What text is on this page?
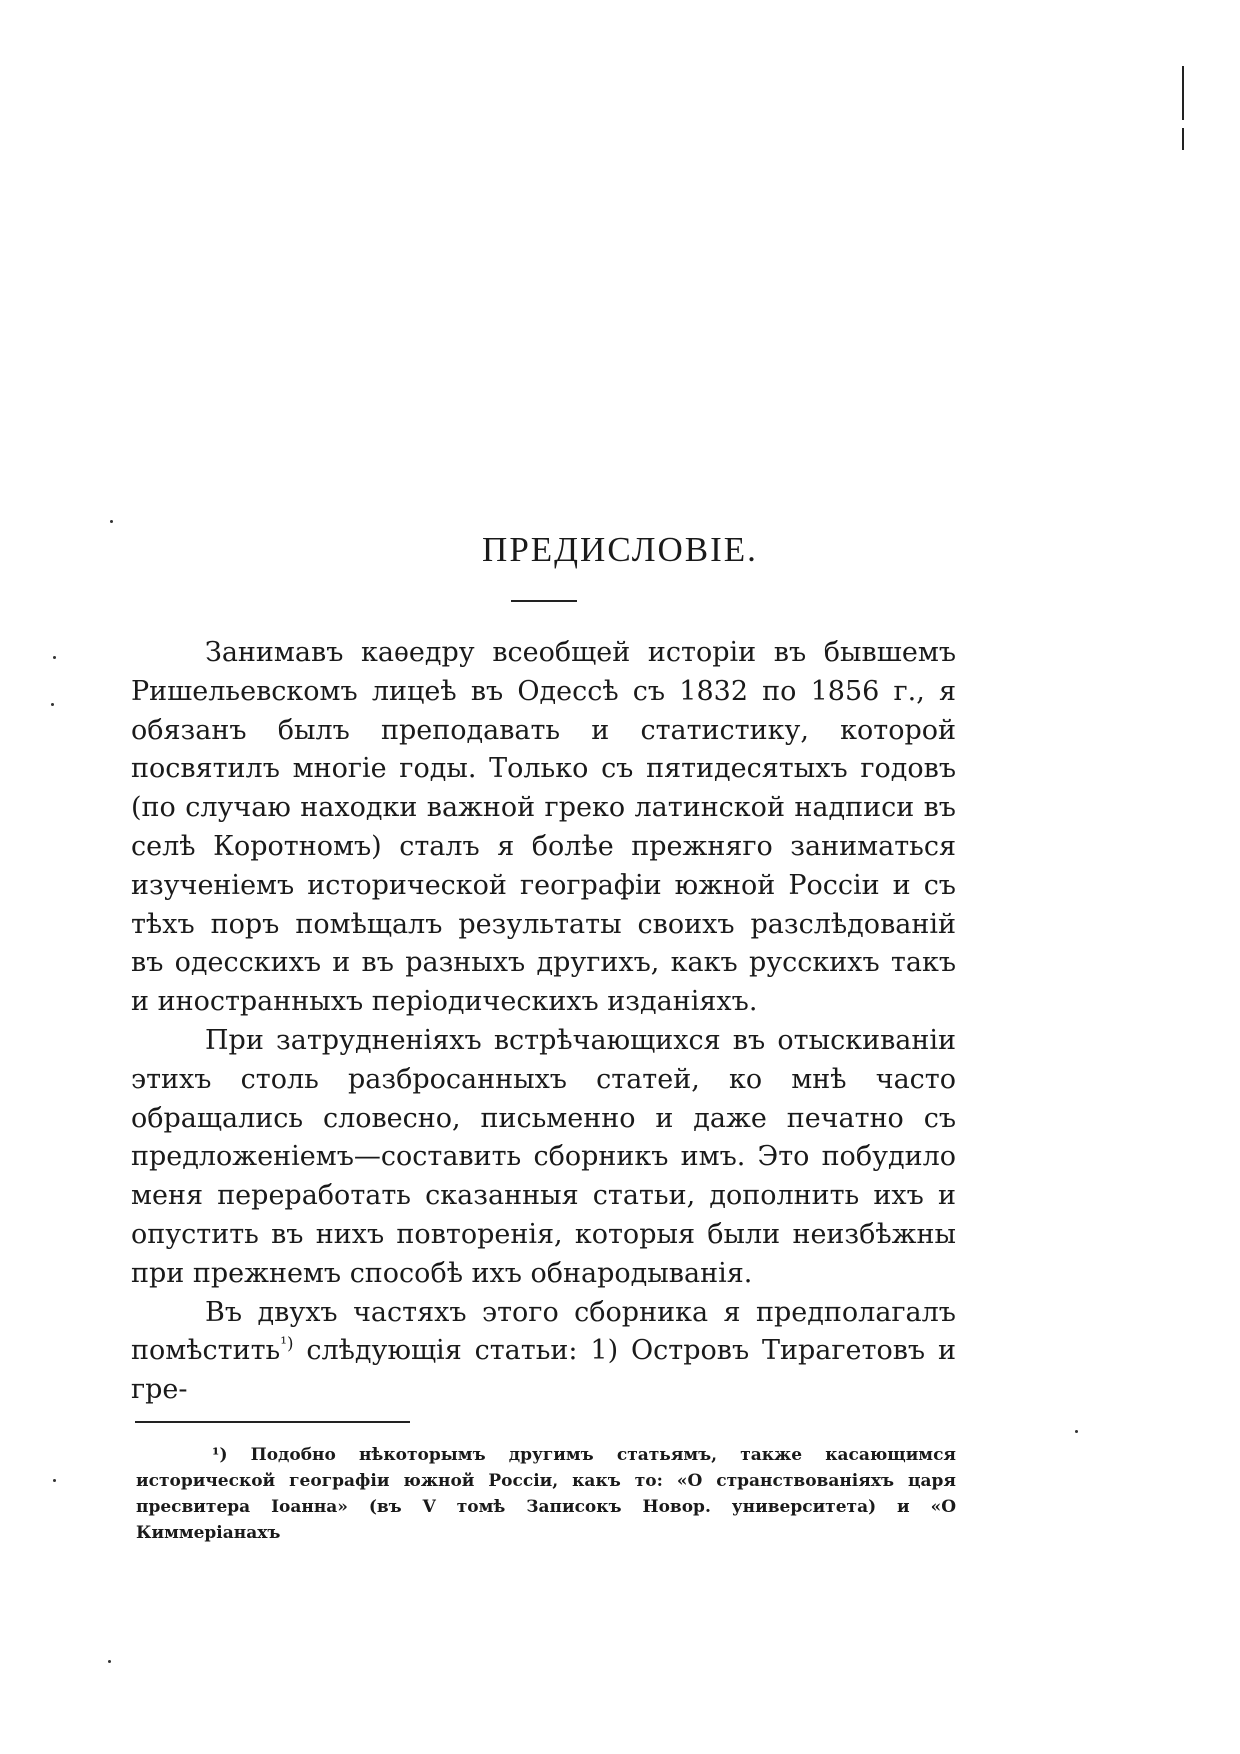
ПРЕДИСЛОВІЕ.

Занимавъ каѳедру всеобщей исторіи въ бывшемъ Ришельевскомъ лицеѣ въ Одессѣ съ 1832 по 1856 г., я обязанъ былъ преподавать и статистику, которой посвятилъ многіе годы. Только съ пятидесятыхъ годовъ (по случаю находки важной греко латинской надписи въ селѣ Коротномъ) сталъ я болѣе прежняго заниматься изученіемъ исторической географіи южной Россіи и съ тѣхъ поръ помѣщалъ результаты своихъ разслѣдованій въ одесскихъ и въ разныхъ другихъ, какъ русскихъ такъ и иностранныхъ періодическихъ изданіяхъ.

При затрудненіяхъ встрѣчающихся въ отыскиваніи этихъ столь разбросанныхъ статей, ко мнѣ часто обращались словесно, письменно и даже печатно съ предложеніемъ—составить сборникъ имъ. Это побудило меня переработать сказанныя статьи, дополнить ихъ и опустить въ нихъ повторенія, которыя были неизбѣжны при прежнемъ способѣ ихъ обнародыванія.

Въ двухъ частяхъ этого сборника я предполагалъ помѣстить$^{^1)}$ слѣдующія статьи: 1) Островъ Тирагетовъ и гре-

¹) Подобно нѣкоторымъ другимъ статьямъ, также касающимся исторической географіи южной Россіи, какъ то: «О странствованіяхъ царя пресвитера Іоанна» (въ V томѣ Записокъ Новор. университета) и «О Киммеріанахъ
